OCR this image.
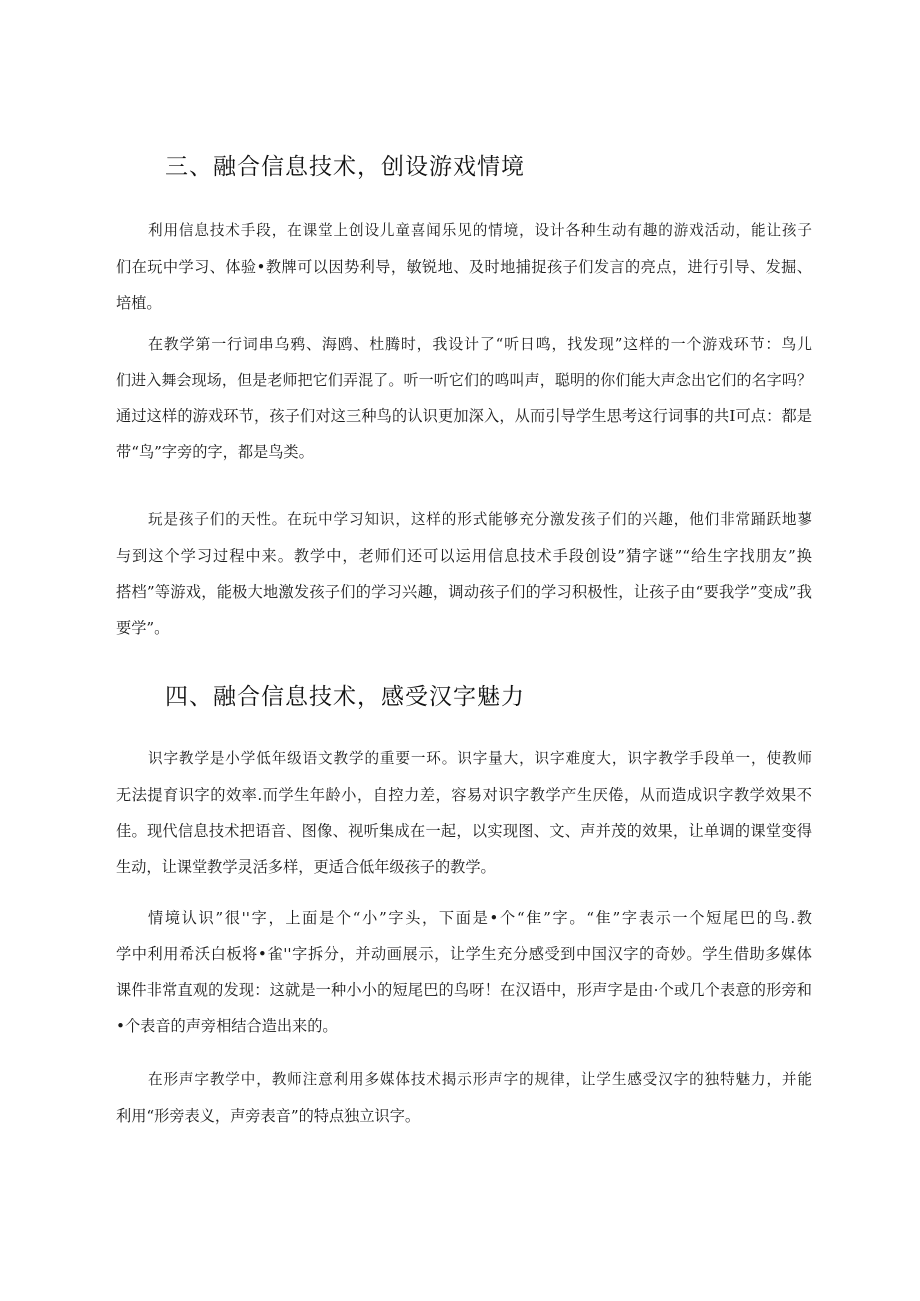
三、融合信息技术，创设游戏情境
利用信息技术手段，在课堂上创设儿童喜闻乐见的情境，设计各种生动有趣的游戏活动，能让孩子
们在玩中学习、体验•教牌可以因势利导，敏锐地、及时地捕捉孩子们发言的亮点，进行引导、发掘、
培植。
在教学第一行词串乌鸦、海鸥、杜腾时，我设计了“听日鸣，找发现”这样的一个游戏环节：鸟儿
们进入舞会现场，但是老师把它们弄混了。听一听它们的鸣叫声，聪明的你们能大声念出它们的名字吗？
通过这样的游戏环节，孩子们对这三种鸟的认识更加深入，从而引导学生思考这行词事的共I可点：都是
带“鸟”字旁的字，都是鸟类。
玩是孩子们的天性。在玩中学习知识，这样的形式能够充分激发孩子们的兴趣，他们非常踊跃地蓼
与到这个学习过程中来。教学中，老师们还可以运用信息技术手段创设”猜字谜”“给生字找朋友”换
搭档”等游戏，能极大地激发孩子们的学习兴趣，调动孩子们的学习积极性，让孩子由“要我学”变成”我
要学”。
四、融合信息技术，感受汉字魅力
识字教学是小学低年级语文教学的重要一环。识字量大，识字难度大，识字教学手段单一，使教师
无法提育识字的效率.而学生年龄小，自控力差，容易对识字教学产生厌倦，从而造成识字教学效果不
佳。现代信息技术把语音、图像、视听集成在一起，以实现图、文、声并茂的效果，让单调的课堂变得
生动，让课堂教学灵活多样，更适合低年级孩子的教学。
情境认识”很''字，上面是个“小”字头，下面是•个“隹”字。“隹”字表示一个短尾巴的鸟.教
学中利用希沃白板将•雀''字拆分，并动画展示，让学生充分感受到中国汉字的奇妙。学生借助多媒体
课件非常直观的发现：这就是一种小小的短尾巴的鸟呀！在汉语中，形声字是由·个或几个表意的形旁和
•个表音的声旁相结合造出来的。
在形声字教学中，教师注意利用多媒体技术揭示形声字的规律，让学生感受汉字的独特魅力，并能
利用“形旁表义，声旁表音”的特点独立识字。
